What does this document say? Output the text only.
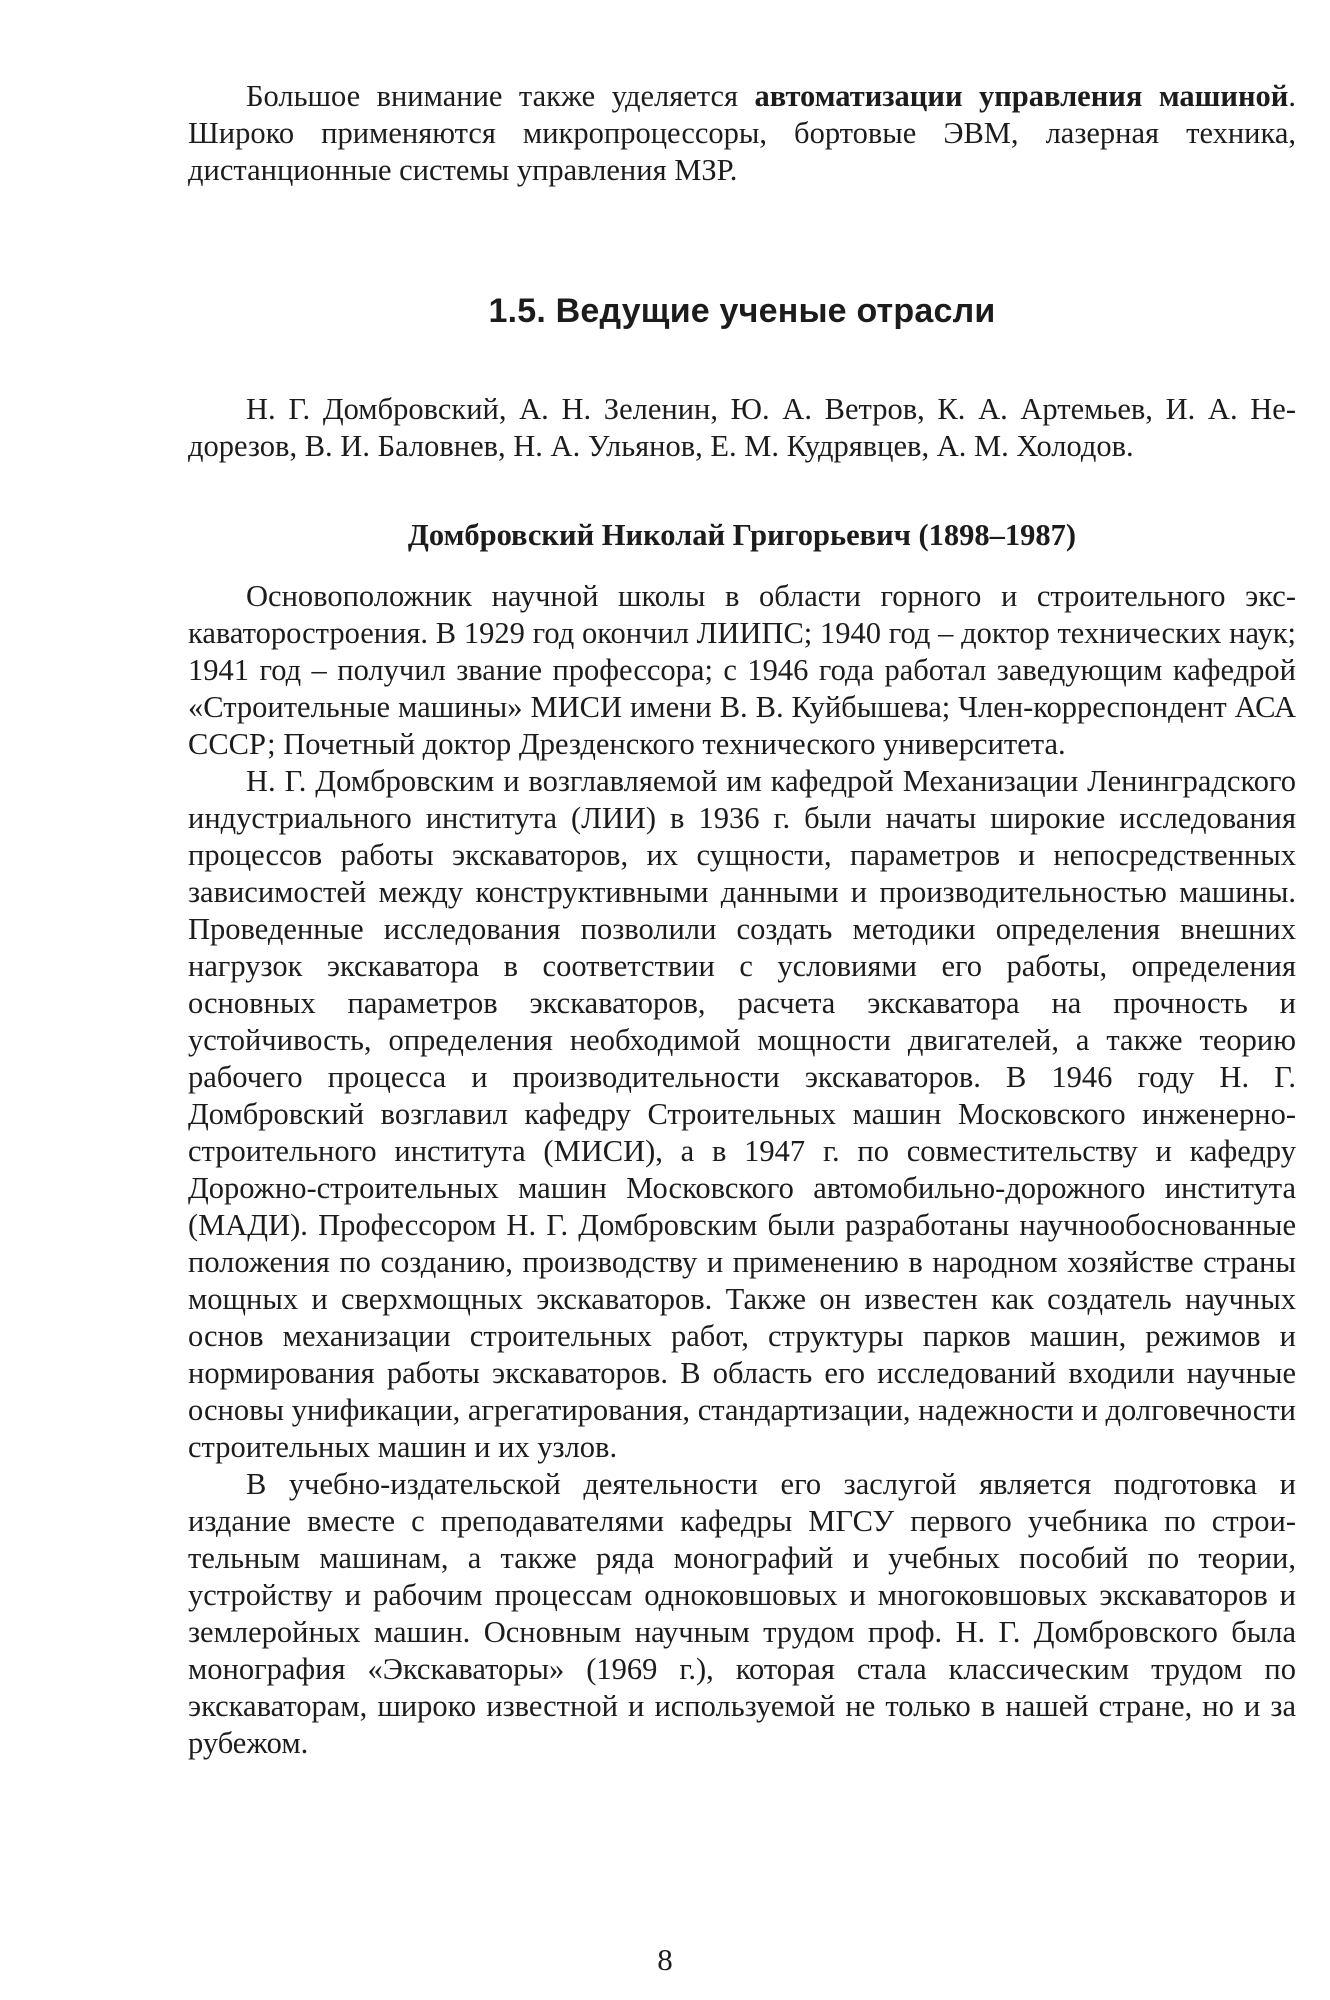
Большое внимание также уделяется автоматизации управления машиной. Широко применяются микропроцессоры, бортовые ЭВМ, лазерная техника, дистанционные системы управления МЗР.

1.5. Ведущие ученые отрасли

Н. Г. Домбровский, А. Н. Зеленин, Ю. А. Ветров, К. А. Артемьев, И. А. Недорезов, В. И. Баловнев, Н. А. Ульянов, Е. М. Кудрявцев, А. М. Холодов.

Домбровский Николай Григорьевич (1898–1987)

Основоположник научной школы в области горного и строительного экскаваторостроения. В 1929 год окончил ЛИИПС; 1940 год – доктор технических наук; 1941 год – получил звание профессора; с 1946 года работал заведующим кафедрой «Строительные машины» МИСИ имени В. В. Куйбышева; Член-корреспондент АСА СССР; Почетный доктор Дрезденского технического университета.

Н. Г. Домбровским и возглавляемой им кафедрой Механизации Ленинградского индустриального института (ЛИИ) в 1936 г. были начаты широкие исследования процессов работы экскаваторов, их сущности, параметров и непосредственных зависимостей между конструктивными данными и производительностью машины. Проведенные исследования позволили создать методики определения внешних нагрузок экскаватора в соответствии с условиями его работы, определения основных параметров экскаваторов, расчета экскаватора на прочность и устойчивость, определения необходимой мощности двигателей, а также теорию рабочего процесса и производительности экскаваторов. В 1946 году Н. Г. Домбровский возглавил кафедру Строительных машин Московского инженерно-строительного института (МИСИ), а в 1947 г. по совместительству и кафедру Дорожно-строительных машин Московского автомобильно-дорожного института (МАДИ). Профессором Н. Г. Домбровским были разработаны научнообоснованные положения по созданию, производству и применению в народном хозяйстве страны мощных и сверхмощных экскаваторов. Также он известен как создатель научных основ механизации строительных работ, структуры парков машин, режимов и нормирования работы экскаваторов. В область его исследований входили научные основы унификации, агрегатирования, стандартизации, надежности и долговечности строительных машин и их узлов.

В учебно-издательской деятельности его заслугой является подготовка и издание вместе с преподавателями кафедры МГСУ первого учебника по строительным машинам, а также ряда монографий и учебных пособий по теории, устройству и рабочим процессам одноковшовых и многоковшовых экскаваторов и землеройных машин. Основным научным трудом проф. Н. Г. Домбровского была монография «Экскаваторы» (1969 г.), которая стала классическим трудом по экскаваторам, широко известной и используемой не только в нашей стране, но и за рубежом.

8
